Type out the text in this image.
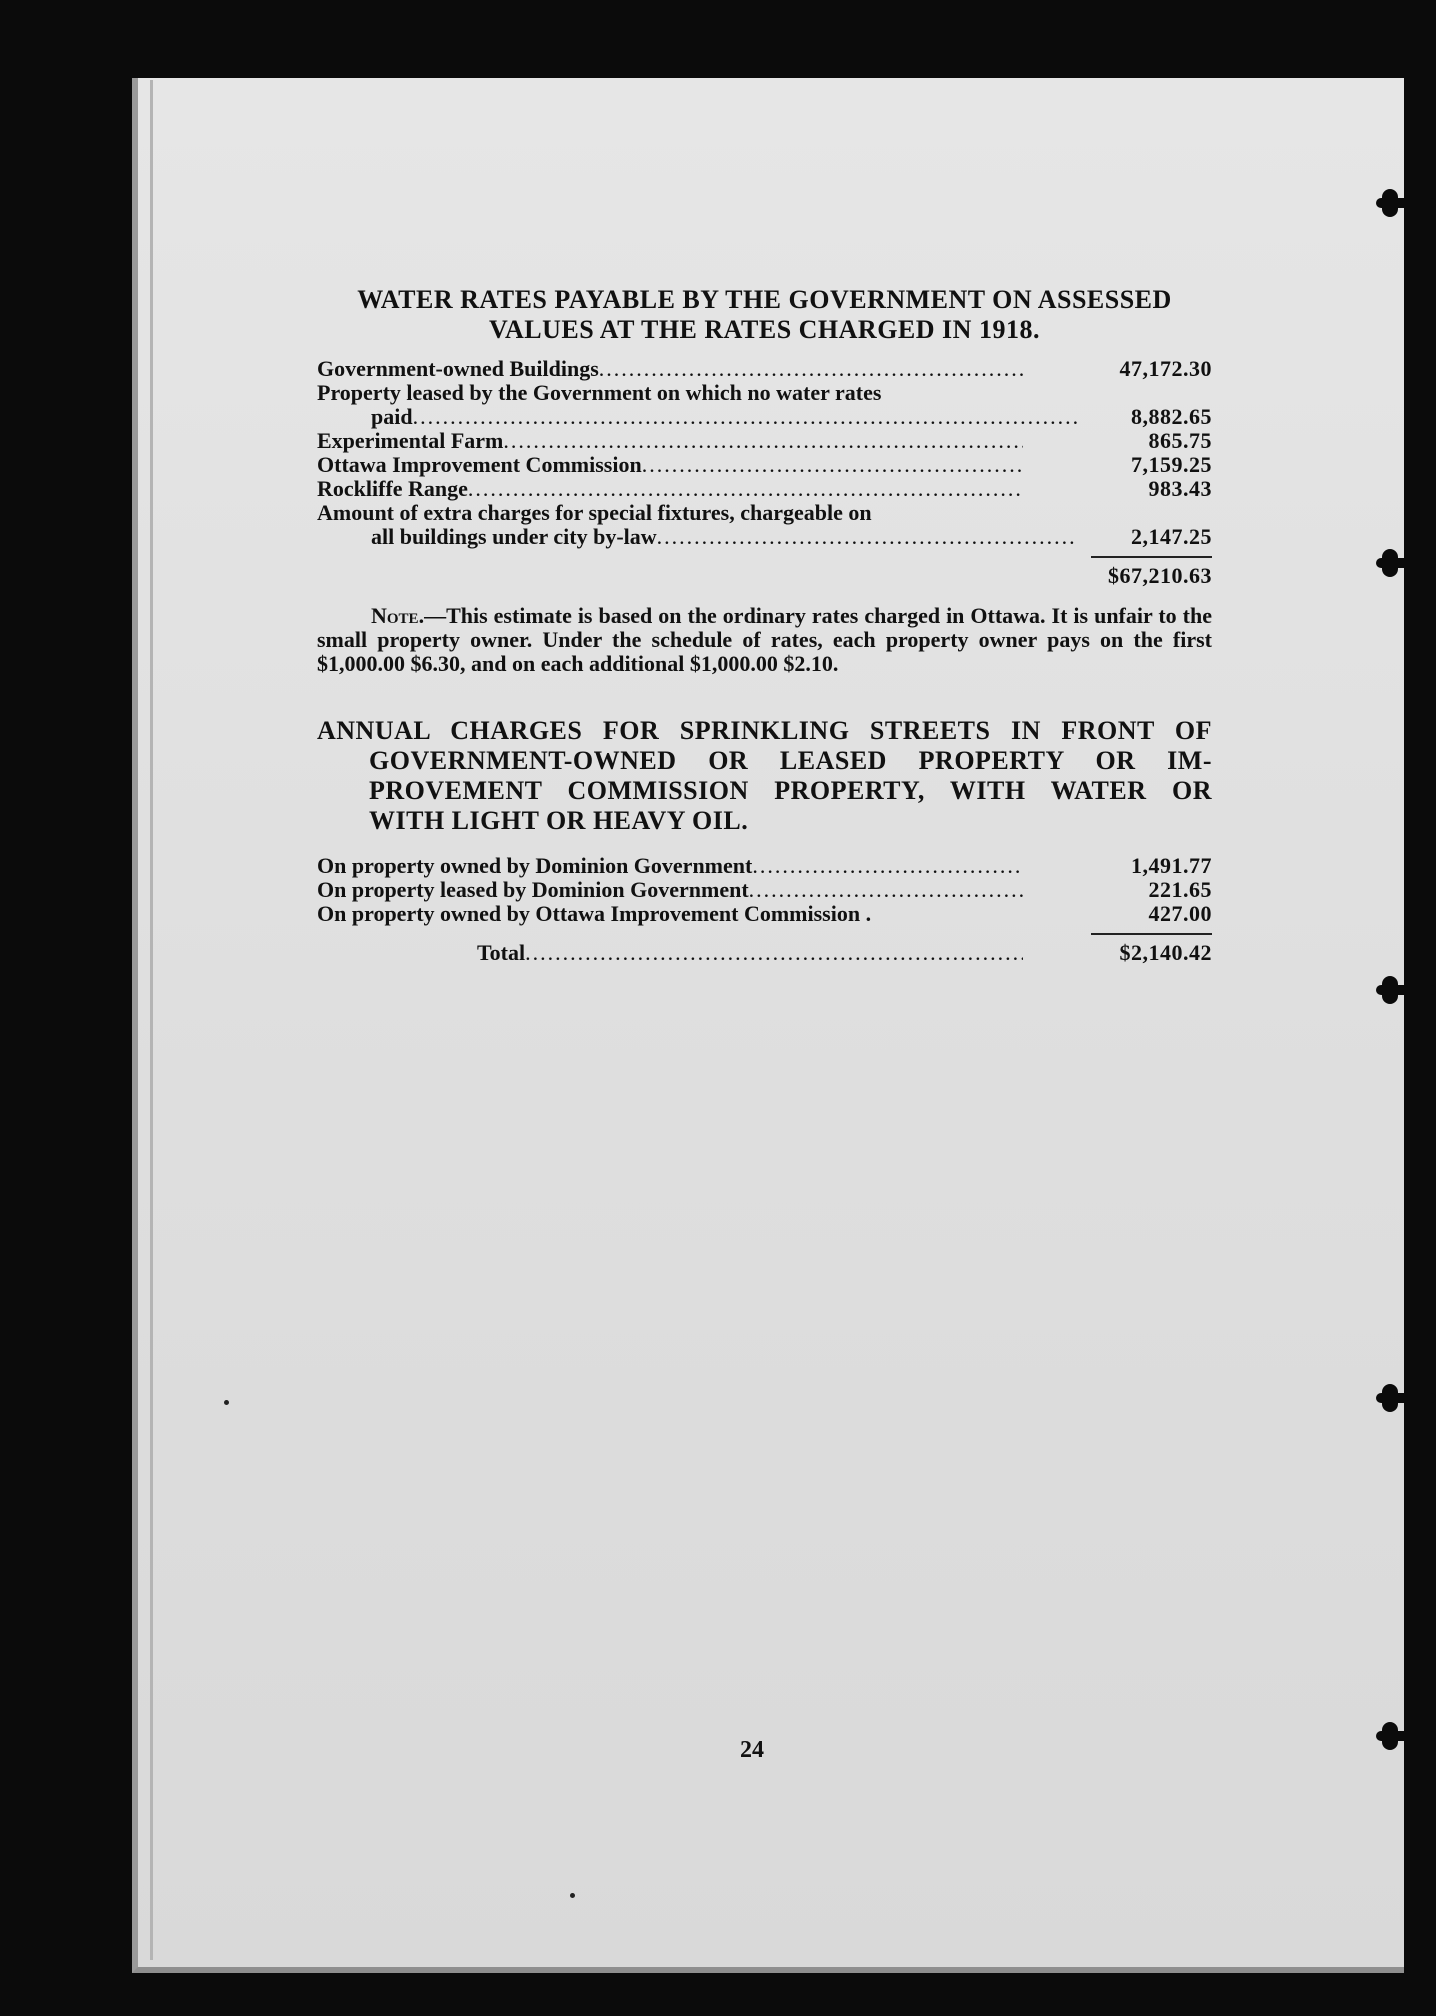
WATER RATES PAYABLE BY THE GOVERNMENT ON ASSESSED
VALUES AT THE RATES CHARGED IN 1918.
Government-owned Buildings .....	47,172.30
Property leased by the Government on which no water rates
paid .....	8,882.65
Experimental Farm .....	865.75
Ottawa Improvement Commission .....	7,159.25
Rockliffe Range .....	983.43
Amount of extra charges for special fixtures, chargeable on
all buildings under city by-law .....	2,147.25
$67,210.63
Note.—This estimate is based on the ordinary rates charged in Ottawa. It is unfair to the small property owner. Under the schedule of rates, each property owner pays on the first $1,000.00 $6.30, and on each additional $1,000.00 $2.10.
ANNUAL CHARGES FOR SPRINKLING STREETS IN FRONT OF
GOVERNMENT-OWNED OR LEASED PROPERTY OR IM-
PROVEMENT COMMISSION PROPERTY, WITH WATER OR
WITH LIGHT OR HEAVY OIL.
On property owned by Dominion Government .....	1,491.77
On property leased by Dominion Government .....	221.65
On property owned by Ottawa Improvement Commission .	427.00
Total .....	$2,140.42
24
